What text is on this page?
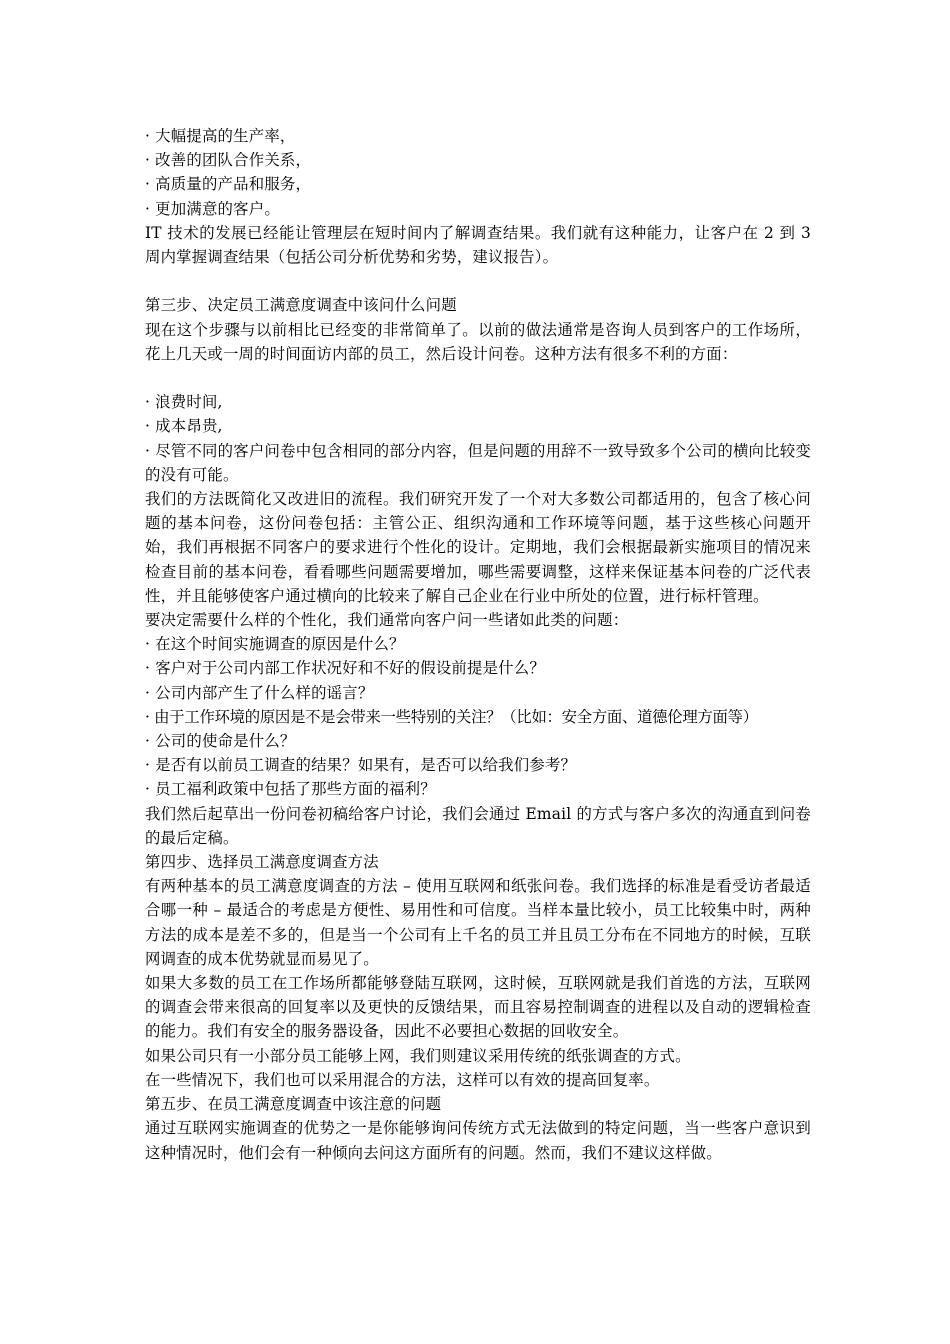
· 大幅提高的生产率，
· 改善的团队合作关系，
· 高质量的产品和服务，
· 更加满意的客户。
IT 技术的发展已经能让管理层在短时间内了解调查结果。我们就有这种能力，让客户在 2 到 3 周内掌握调查结果（包括公司分析优势和劣势，建议报告）。
第三步、决定员工满意度调查中该问什么问题
现在这个步骤与以前相比已经变的非常简单了。以前的做法通常是咨询人员到客户的工作场所，花上几天或一周的时间面访内部的员工，然后设计问卷。这种方法有很多不利的方面：
· 浪费时间,
· 成本昂贵,
· 尽管不同的客户问卷中包含相同的部分内容，但是问题的用辞不一致导致多个公司的横向比较变的没有可能。
我们的方法既简化又改进旧的流程。我们研究开发了一个对大多数公司都适用的，包含了核心问题的基本问卷，这份问卷包括：主管公正、组织沟通和工作环境等问题，基于这些核心问题开始，我们再根据不同客户的要求进行个性化的设计。定期地，我们会根据最新实施项目的情况来检查目前的基本问卷，看看哪些问题需要增加，哪些需要调整，这样来保证基本问卷的广泛代表性，并且能够使客户通过横向的比较来了解自己企业在行业中所处的位置，进行标杆管理。
要决定需要什么样的个性化，我们通常向客户问一些诸如此类的问题：
· 在这个时间实施调查的原因是什么？
· 客户对于公司内部工作状况好和不好的假设前提是什么？
· 公司内部产生了什么样的谣言？
· 由于工作环境的原因是不是会带来一些特别的关注？（比如：安全方面、道德伦理方面等）
· 公司的使命是什么？
· 是否有以前员工调查的结果？如果有，是否可以给我们参考？
· 员工福利政策中包括了那些方面的福利？
我们然后起草出一份问卷初稿给客户讨论，我们会通过 Email 的方式与客户多次的沟通直到问卷的最后定稿。
第四步、选择员工满意度调查方法
有两种基本的员工满意度调查的方法 – 使用互联网和纸张问卷。我们选择的标准是看受访者最适合哪一种 – 最适合的考虑是方便性、易用性和可信度。当样本量比较小，员工比较集中时，两种方法的成本是差不多的，但是当一个公司有上千名的员工并且员工分布在不同地方的时候，互联网调查的成本优势就显而易见了。
如果大多数的员工在工作场所都能够登陆互联网，这时候，互联网就是我们首选的方法，互联网的调查会带来很高的回复率以及更快的反馈结果，而且容易控制调查的进程以及自动的逻辑检查的能力。我们有安全的服务器设备，因此不必要担心数据的回收安全。
如果公司只有一小部分员工能够上网，我们则建议采用传统的纸张调查的方式。
在一些情况下，我们也可以采用混合的方法，这样可以有效的提高回复率。
第五步、在员工满意度调查中该注意的问题
通过互联网实施调查的优势之一是你能够询问传统方式无法做到的特定问题，当一些客户意识到这种情况时，他们会有一种倾向去问这方面所有的问题。然而，我们不建议这样做。
